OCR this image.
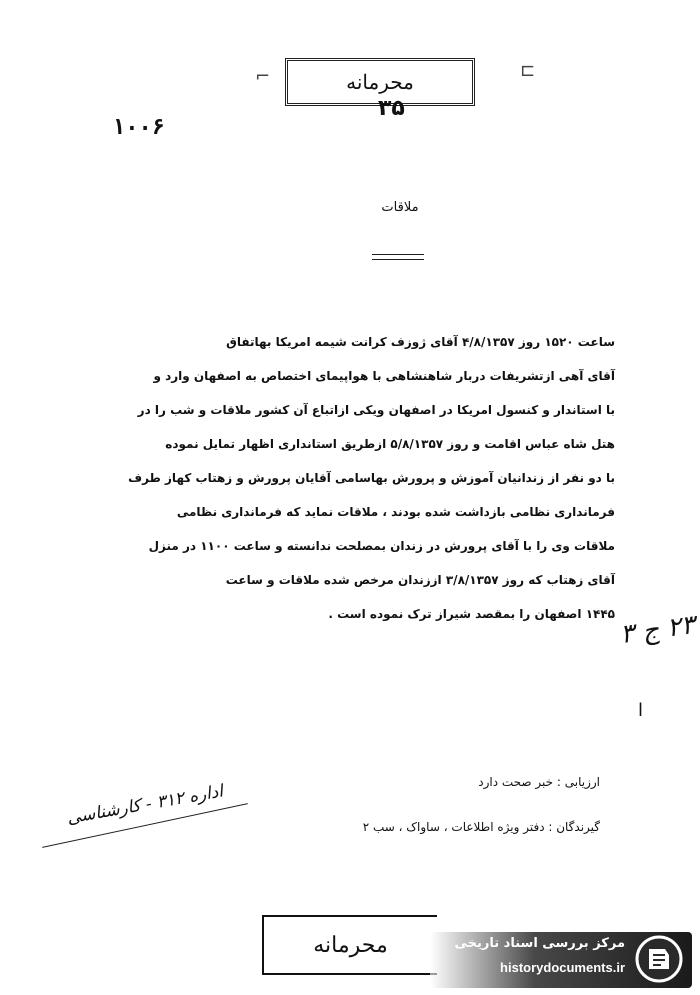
⌐	محرمانه	⊏
۳۵
۱۰۰۶
ملاقات
ساعت ۱۵۲۰ روز ۴/۸/۱۳۵۷ آقای ژوزف کرانت شیمه امریکا بهاتفاق
آقای آهی ازتشریفات دربار شاهنشاهی با هواپیمای اختصاص به اصفهان وارد و
با استاندار و کنسول امریکا در اصفهان ویکی ازاتباع آن کشور ملاقات و شب را در
هتل شاه عباس اقامت و روز ۵/۸/۱۳۵۷ ازطریق استانداری اظهار تمایل نموده
با دو نفر از زندانیان آموزش و پرورش بهاسامی آقایان پرورش و زهتاب کهاز طرف
فرمانداری نظامی بازداشت شده بودند ، ملاقات نماید که فرمانداری نظامی
ملاقات وی را با آقای پرورش در زندان بمصلحت ندانسته و ساعت ۱۱۰۰ در منزل
آقای زهتاب که روز ۳/۸/۱۳۵۷ اززندان مرخص شده ملاقات و ساعت
۱۴۴۵ اصفهان را بمقصد شیراز ترک نموده است .
۲۳ ج ۳
ا
ارزیابی : خبر صحت دارد
گیرندگان : دفتر ویژه اطلاعات ، ساواک ، سب ۲
اداره ۳۱۲ - کارشناسی
محرمانه	مرکز بررسی اسناد تاریخی
historydocuments.ir
